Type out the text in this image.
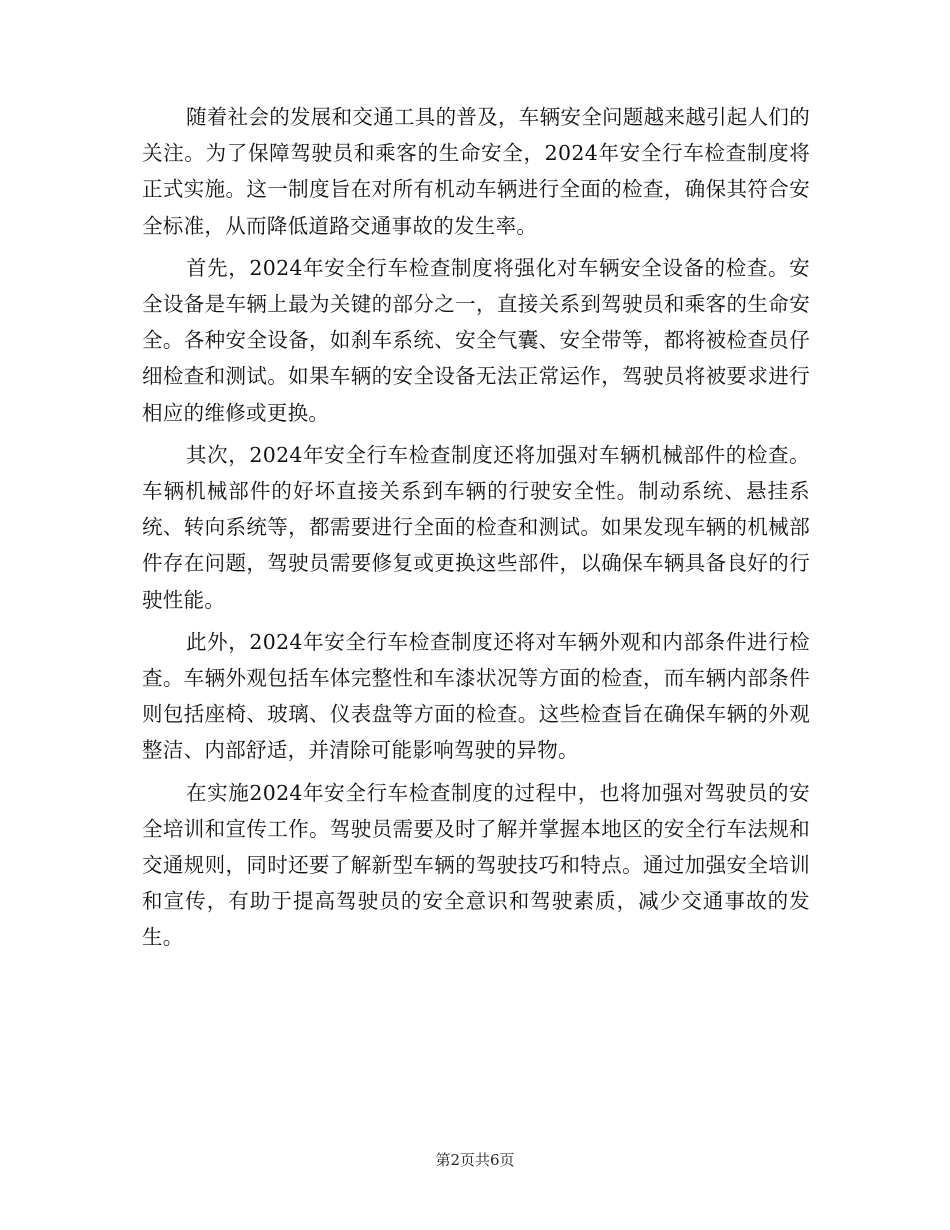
随着社会的发展和交通工具的普及，车辆安全问题越来越引起人们的关注。为了保障驾驶员和乘客的生命安全，2024年安全行车检查制度将正式实施。这一制度旨在对所有机动车辆进行全面的检查，确保其符合安全标准，从而降低道路交通事故的发生率。

首先，2024年安全行车检查制度将强化对车辆安全设备的检查。安全设备是车辆上最为关键的部分之一，直接关系到驾驶员和乘客的生命安全。各种安全设备，如刹车系统、安全气囊、安全带等，都将被检查员仔细检查和测试。如果车辆的安全设备无法正常运作，驾驶员将被要求进行相应的维修或更换。

其次，2024年安全行车检查制度还将加强对车辆机械部件的检查。车辆机械部件的好坏直接关系到车辆的行驶安全性。制动系统、悬挂系统、转向系统等，都需要进行全面的检查和测试。如果发现车辆的机械部件存在问题，驾驶员需要修复或更换这些部件，以确保车辆具备良好的行驶性能。

此外，2024年安全行车检查制度还将对车辆外观和内部条件进行检查。车辆外观包括车体完整性和车漆状况等方面的检查，而车辆内部条件则包括座椅、玻璃、仪表盘等方面的检查。这些检查旨在确保车辆的外观整洁、内部舒适，并清除可能影响驾驶的异物。

在实施2024年安全行车检查制度的过程中，也将加强对驾驶员的安全培训和宣传工作。驾驶员需要及时了解并掌握本地区的安全行车法规和交通规则，同时还要了解新型车辆的驾驶技巧和特点。通过加强安全培训和宣传，有助于提高驾驶员的安全意识和驾驶素质，减少交通事故的发生。

第2页共6页
